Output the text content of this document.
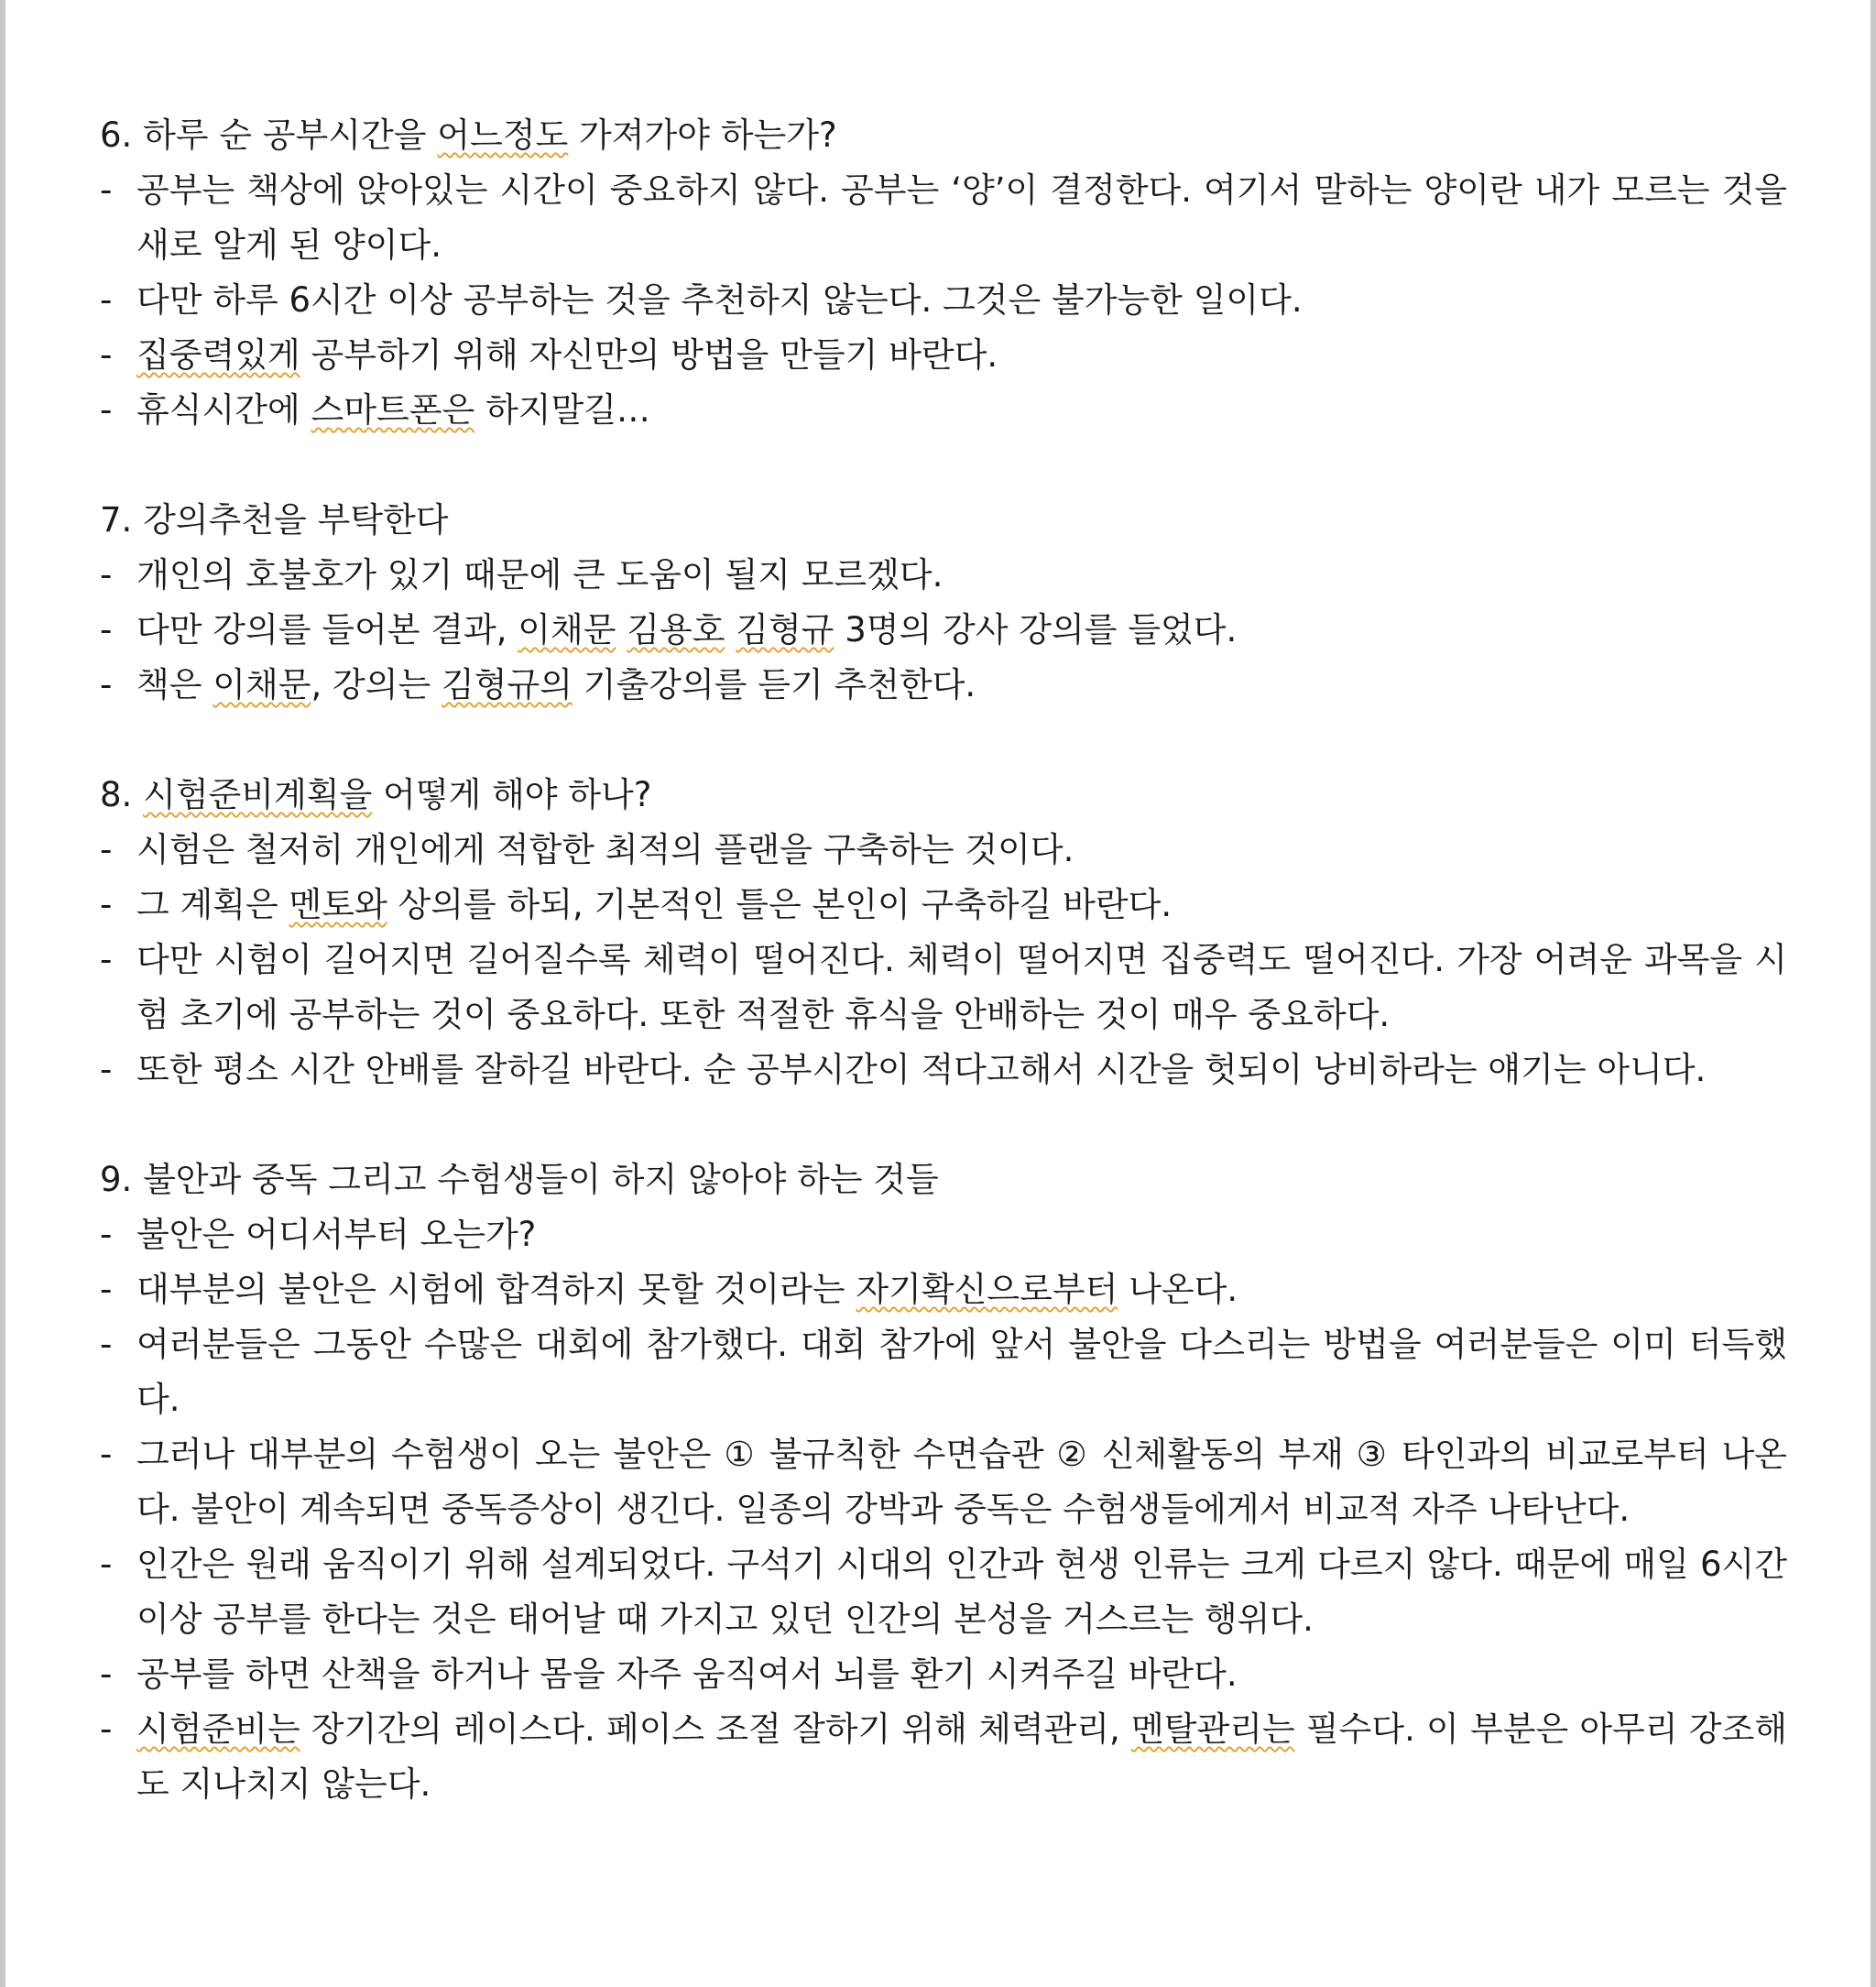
6. 하루 순 공부시간을 어느정도 가져가야 하는가?

- 공부는 책상에 앉아있는 시간이 중요하지 않다. 공부는 ‘양’이 결정한다. 여기서 말하는 양이란 내가 모르는 것을 새로 알게 된 양이다.

- 다만 하루 6시간 이상 공부하는 것을 추천하지 않는다. 그것은 불가능한 일이다.

- 집중력있게 공부하기 위해 자신만의 방법을 만들기 바란다.

- 휴식시간에 스마트폰은 하지말길…

7. 강의추천을 부탁한다

- 개인의 호불호가 있기 때문에 큰 도움이 될지 모르겠다.

- 다만 강의를 들어본 결과, 이채문 김용호 김형규 3명의 강사 강의를 들었다.

- 책은 이채문, 강의는 김형규의 기출강의를 듣기 추천한다.

8. 시험준비계획을 어떻게 해야 하나?

- 시험은 철저히 개인에게 적합한 최적의 플랜을 구축하는 것이다.

- 그 계획은 멘토와 상의를 하되, 기본적인 틀은 본인이 구축하길 바란다.

- 다만 시험이 길어지면 길어질수록 체력이 떨어진다. 체력이 떨어지면 집중력도 떨어진다. 가장 어려운 과목을 시험 초기에 공부하는 것이 중요하다. 또한 적절한 휴식을 안배하는 것이 매우 중요하다.

- 또한 평소 시간 안배를 잘하길 바란다. 순 공부시간이 적다고해서 시간을 헛되이 낭비하라는 얘기는 아니다.

9. 불안과 중독 그리고 수험생들이 하지 않아야 하는 것들

- 불안은 어디서부터 오는가?

- 대부분의 불안은 시험에 합격하지 못할 것이라는 자기확신으로부터 나온다.

- 여러분들은 그동안 수많은 대회에 참가했다. 대회 참가에 앞서 불안을 다스리는 방법을 여러분들은 이미 터득했다.

- 그러나 대부분의 수험생이 오는 불안은 ① 불규칙한 수면습관 ② 신체활동의 부재 ③ 타인과의 비교로부터 나온다. 불안이 계속되면 중독증상이 생긴다. 일종의 강박과 중독은 수험생들에게서 비교적 자주 나타난다.

- 인간은 원래 움직이기 위해 설계되었다. 구석기 시대의 인간과 현생 인류는 크게 다르지 않다. 때문에 매일 6시간 이상 공부를 한다는 것은 태어날 때 가지고 있던 인간의 본성을 거스르는 행위다.

- 공부를 하면 산책을 하거나 몸을 자주 움직여서 뇌를 환기 시켜주길 바란다.

- 시험준비는 장기간의 레이스다. 페이스 조절 잘하기 위해 체력관리, 멘탈관리는 필수다. 이 부분은 아무리 강조해도 지나치지 않는다.
